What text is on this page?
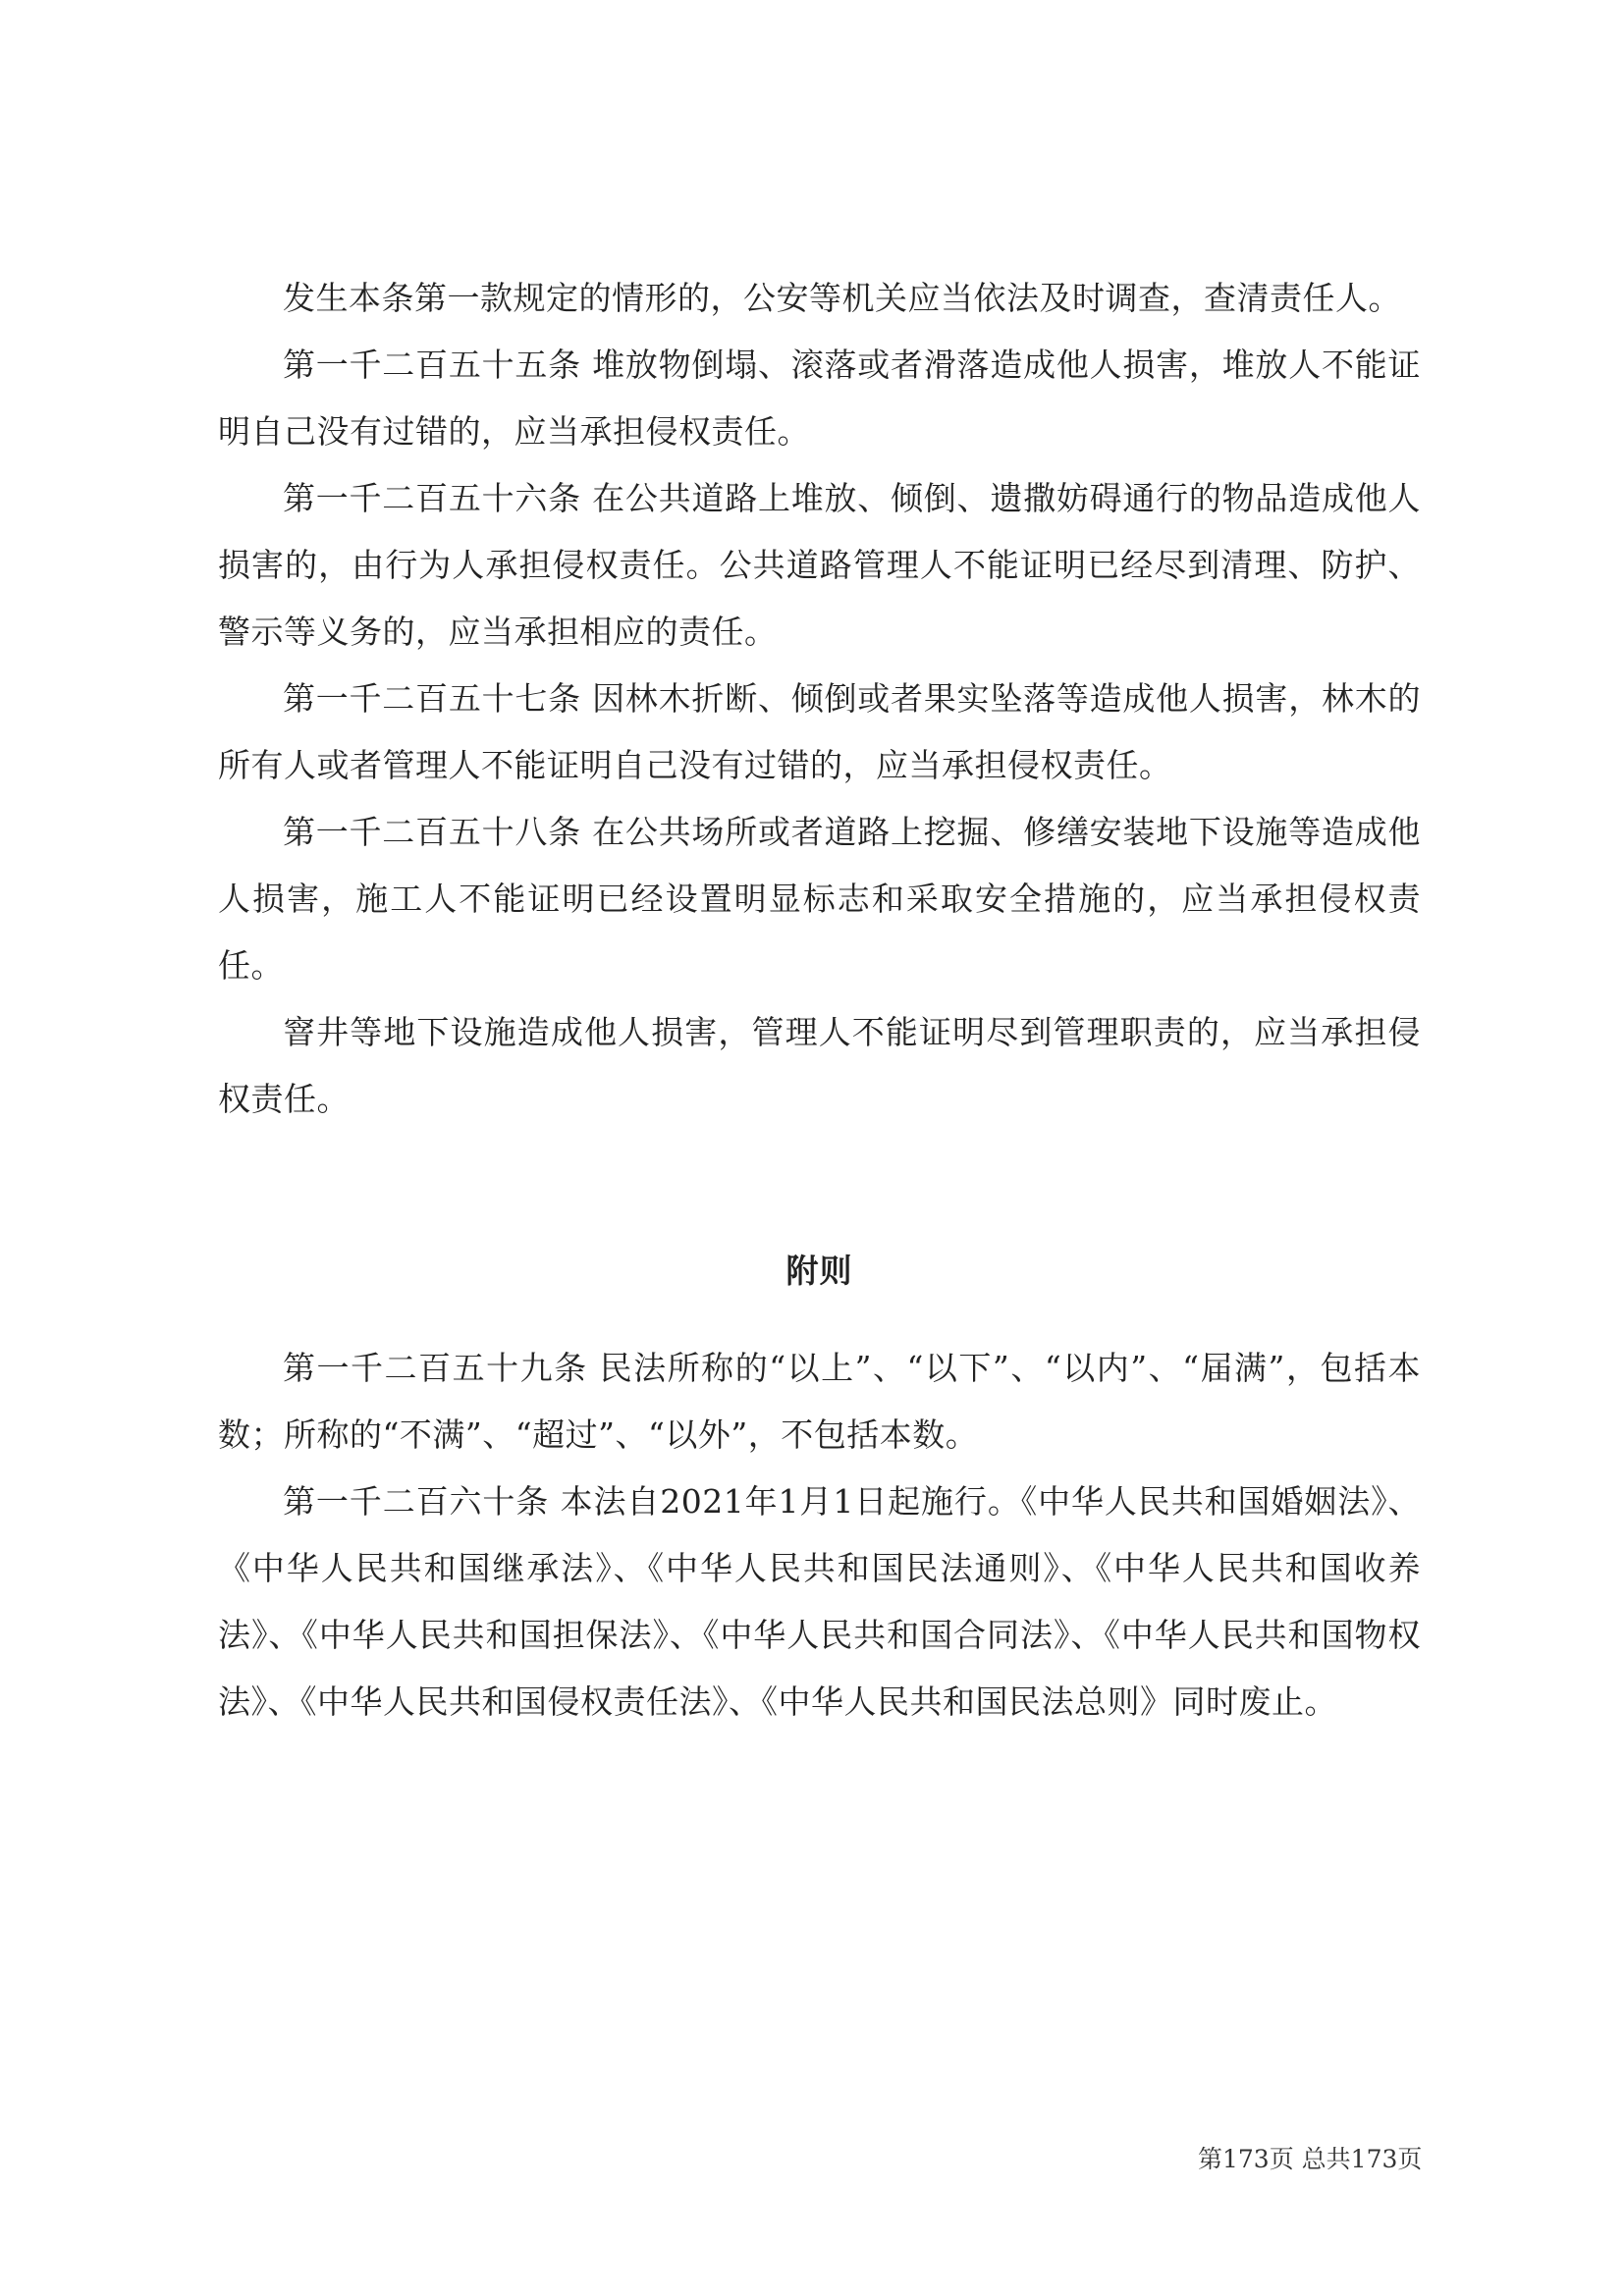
发生本条第一款规定的情形的，公安等机关应当依法及时调查，查清责任人。

第一千二百五十五条 堆放物倒塌、滚落或者滑落造成他人损害，堆放人不能证明自己没有过错的，应当承担侵权责任。

第一千二百五十六条 在公共道路上堆放、倾倒、遗撒妨碍通行的物品造成他人损害的，由行为人承担侵权责任。公共道路管理人不能证明已经尽到清理、防护、警示等义务的，应当承担相应的责任。

第一千二百五十七条 因林木折断、倾倒或者果实坠落等造成他人损害，林木的所有人或者管理人不能证明自己没有过错的，应当承担侵权责任。

第一千二百五十八条 在公共场所或者道路上挖掘、修缮安装地下设施等造成他人损害，施工人不能证明已经设置明显标志和采取安全措施的，应当承担侵权责任。

窨井等地下设施造成他人损害，管理人不能证明尽到管理职责的，应当承担侵权责任。

附则

第一千二百五十九条 民法所称的“以上”、“以下”、“以内”、“届满”，包括本数；所称的“不满”、“超过”、“以外”，不包括本数。

第一千二百六十条 本法自2021年1月1日起施行。《中华人民共和国婚姻法》、《中华人民共和国继承法》、《中华人民共和国民法通则》、《中华人民共和国收养法》、《中华人民共和国担保法》、《中华人民共和国合同法》、《中华人民共和国物权法》、《中华人民共和国侵权责任法》、《中华人民共和国民法总则》同时废止。

第173页 总共173页
